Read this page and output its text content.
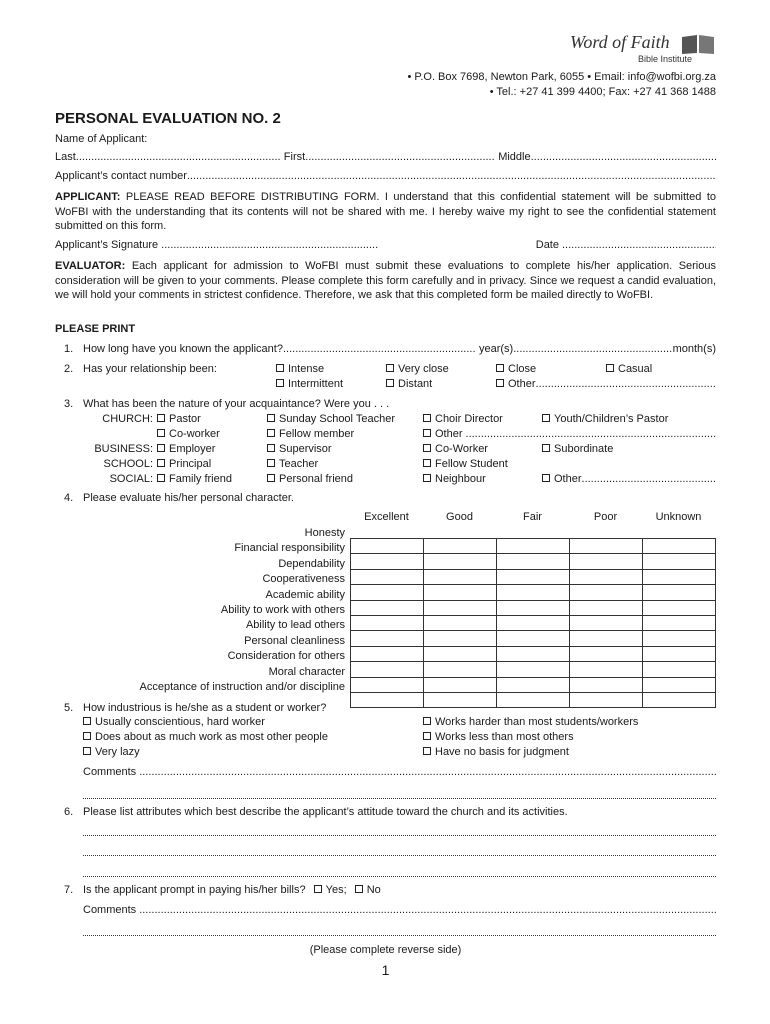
Word of Faith
Bible Institute
• P.O. Box 7698, Newton Park, 6055 • Email: info@wofbi.org.za
• Tel.: +27 41 399 4400; Fax: +27 41 368 1488
PERSONAL EVALUATION NO. 2
Name of Applicant:
Last .....	First .....	Middle
.....
Applicant’s contact number
.....
APPLICANT: PLEASE READ BEFORE DISTRIBUTING FORM. I understand that this confidential statement will be submitted to WoFBI with the understanding that its contents will not be shared with me. I hereby waive my right to see the confidential statement submitted on this form.
Applicant’s Signature .....	Date
.....
EVALUATOR: Each applicant for admission to WoFBI must submit these evaluations to complete his/her application. Serious consideration will be given to your comments. Please complete this form carefully and in privacy. Since we request a candid evaluation, we will hold your comments in strictest confidence. Therefore, we ask that this completed form be mailed directly to WoFBI.
PLEASE PRINT
1. How long have you known the applicant? .....	year(s) .....	month(s)
2. Has your relationship been:	Intense	Very close	Close	Casual
Intermittent	Distant	Other
.....
3. What has been the nature of your acquaintance? Were you . . .
CHURCH:	Pastor	Sunday School Teacher	Choir Director	Youth/Children’s Pastor
Co-worker	Fellow member	Other
.....
BUSINESS:	Employer	Supervisor	Co-Worker	Subordinate
SCHOOL:	Principal	Teacher	Fellow Student
SOCIAL:	Family friend	Personal friend	Neighbour	Other
.....
4. Please evaluate his/her personal character.
Excellent	Good	Fair	Poor	Unknown
Honesty
Financial responsibility
Dependability
Cooperativeness
Academic ability
Ability to work with others
Ability to lead others
Personal cleanliness
Consideration for others
Moral character
Acceptance of instruction and/or discipline

5. How industrious is he/she as a student or worker?
Usually conscientious, hard worker
Does about as much work as most other people
Very lazy
Works harder than most students/workers
Works less than most others
Have no basis for judgment
Comments
.....
6. Please list attributes which best describe the applicant’s attitude toward the church and its activities.
7. Is the applicant prompt in paying his/her bills? Yes; No
Comments
.....
(Please complete reverse side)
1
